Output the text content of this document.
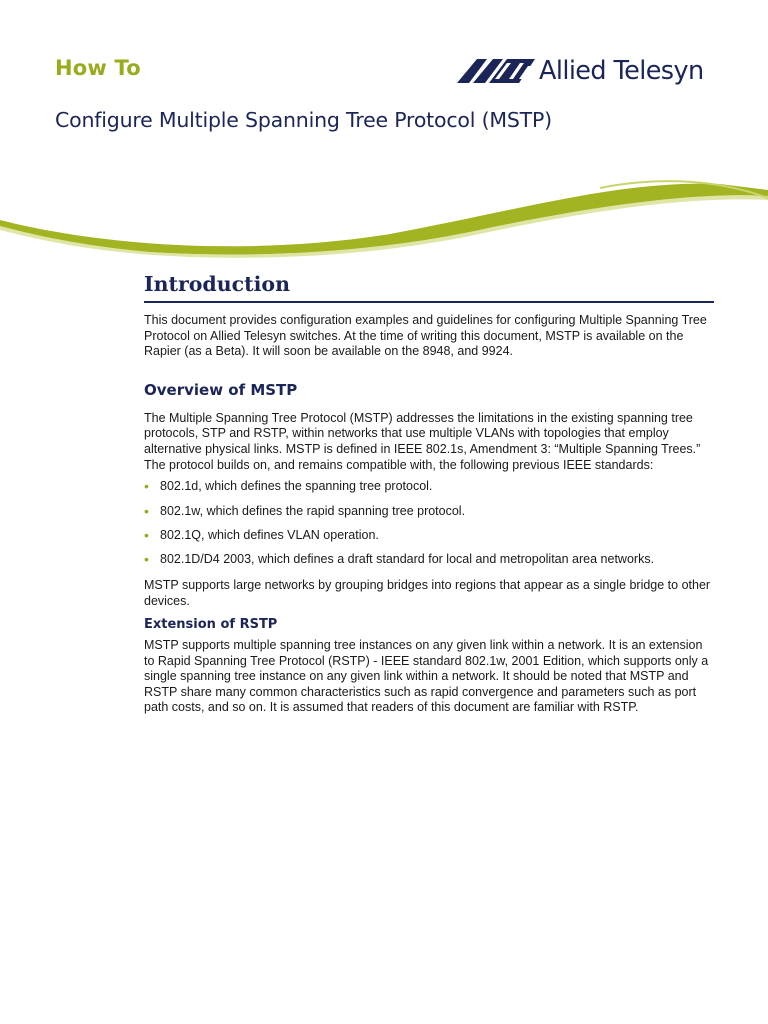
How To	Allied Telesyn
Configure Multiple Spanning Tree Protocol (MSTP)
Introduction

This document provides configuration examples and guidelines for configuring Multiple Spanning Tree Protocol on Allied Telesyn switches. At the time of writing this document, MSTP is available on the Rapier (as a Beta). It will soon be available on the 8948, and 9924.

Overview of MSTP

The Multiple Spanning Tree Protocol (MSTP) addresses the limitations in the existing spanning tree protocols, STP and RSTP, within networks that use multiple VLANs with topologies that employ alternative physical links. MSTP is defined in IEEE 802.1s, Amendment 3: “Multiple Spanning Trees.” The protocol builds on, and remains compatible with, the following previous IEEE standards:

• 802.1d, which defines the spanning tree protocol.
• 802.1w, which defines the rapid spanning tree protocol.
• 802.1Q, which defines VLAN operation.
• 802.1D/D4 2003, which defines a draft standard for local and metropolitan area networks.

MSTP supports large networks by grouping bridges into regions that appear as a single bridge to other devices.

Extension of RSTP

MSTP supports multiple spanning tree instances on any given link within a network. It is an extension to Rapid Spanning Tree Protocol (RSTP) - IEEE standard 802.1w, 2001 Edition, which supports only a single spanning tree instance on any given link within a network. It should be noted that MSTP and RSTP share many common characteristics such as rapid convergence and parameters such as port path costs, and so on. It is assumed that readers of this document are familiar with RSTP.
